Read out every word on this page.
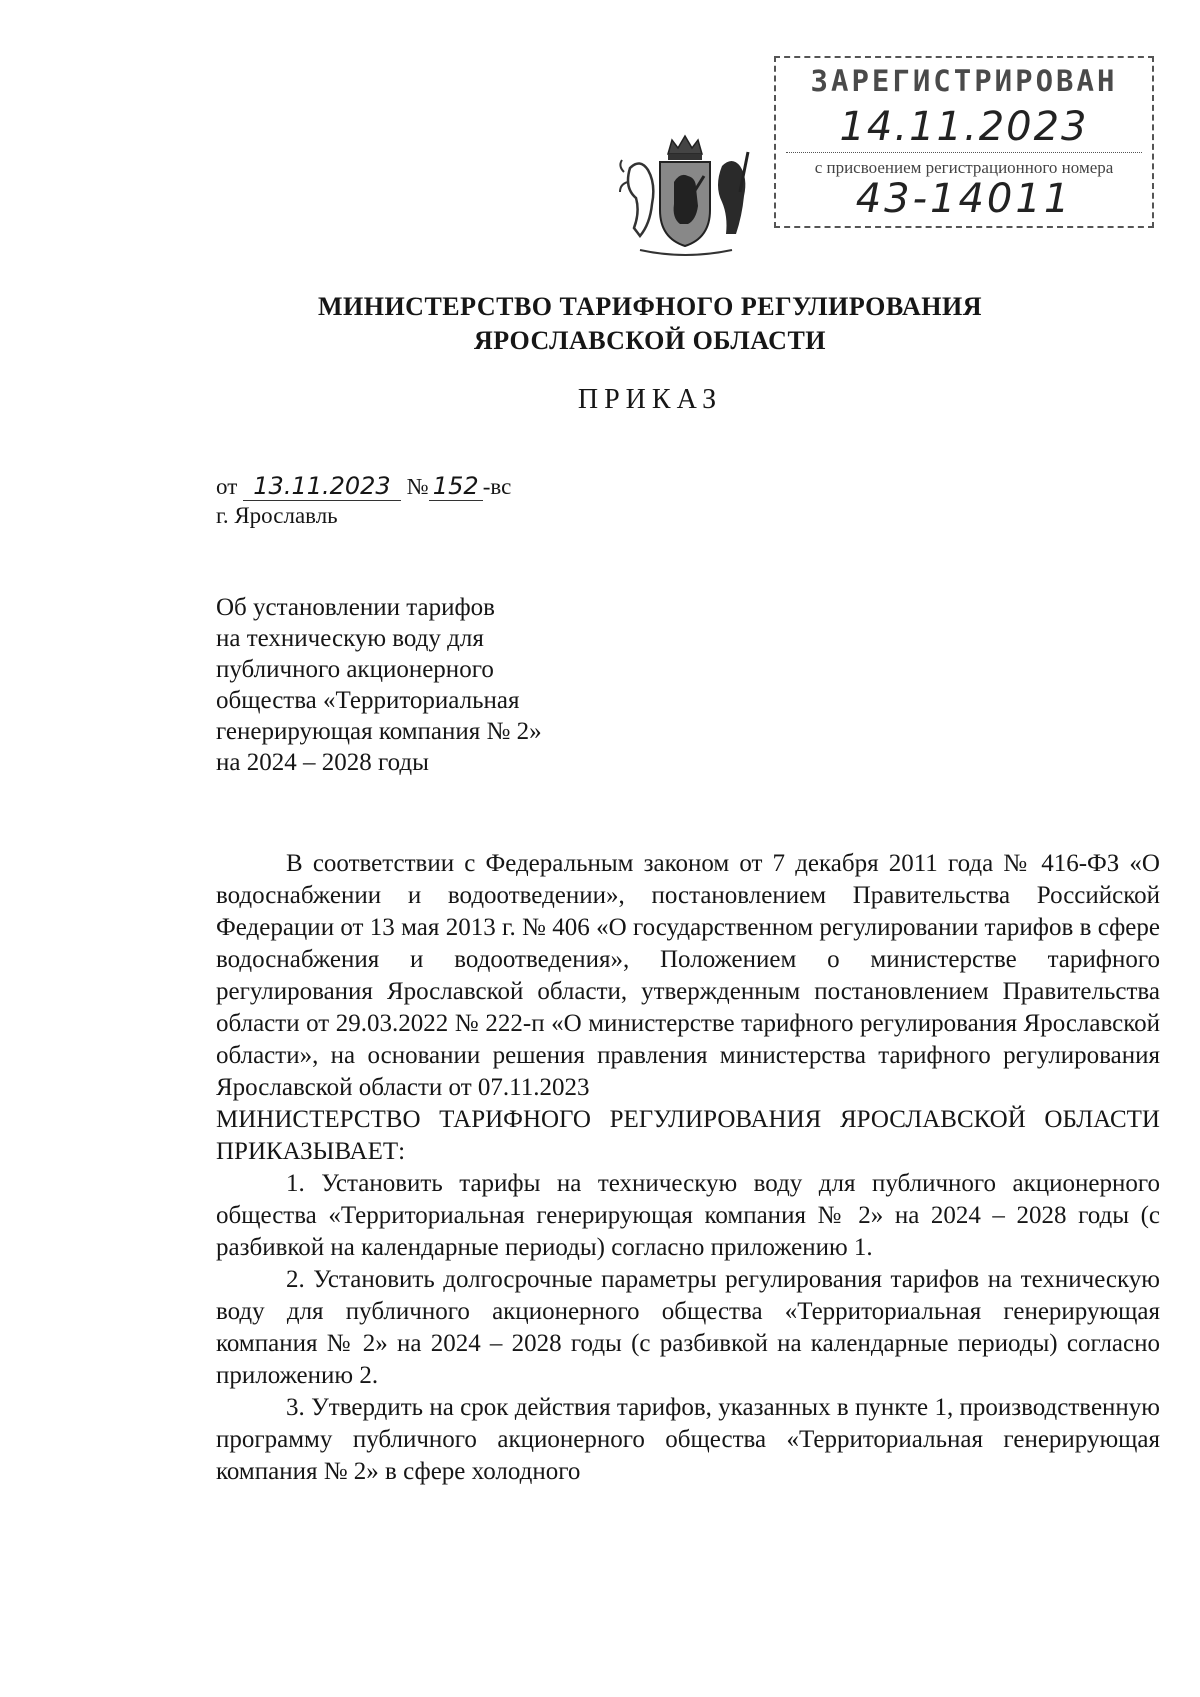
ЗАРЕГИСТРИРОВАН
14.11.2023
с присвоением регистрационного номера
43-14011
МИНИСТЕРСТВО ТАРИФНОГО РЕГУЛИРОВАНИЯ
ЯРОСЛАВСКОЙ ОБЛАСТИ
ПРИКАЗ
от 13.11.2023 № 152 -вс
г. Ярославль
Об установлении тарифов
на техническую воду для
публичного акционерного
общества «Территориальная
генерирующая компания № 2»
на 2024 – 2028 годы

В соответствии с Федеральным законом от 7 декабря 2011 года № 416-ФЗ «О водоснабжении и водоотведении», постановлением Правительства Российской Федерации от 13 мая 2013 г. № 406 «О государственном регулировании тарифов в сфере водоснабжения и водоотведения», Положением о министерстве тарифного регулирования Ярославской области, утвержденным постановлением Правительства области от 29.03.2022 № 222-п «О министерстве тарифного регулирования Ярославской области», на основании решения правления министерства тарифного регулирования Ярославской области от 07.11.2023

МИНИСТЕРСТВО ТАРИФНОГО РЕГУЛИРОВАНИЯ ЯРОСЛАВСКОЙ ОБЛАСТИ ПРИКАЗЫВАЕТ:

1. Установить тарифы на техническую воду для публичного акционерного общества «Территориальная генерирующая компания № 2» на 2024 – 2028 годы (с разбивкой на календарные периоды) согласно приложению 1.

2. Установить долгосрочные параметры регулирования тарифов на техническую воду для публичного акционерного общества «Территориальная генерирующая компания № 2» на 2024 – 2028 годы (с разбивкой на календарные периоды) согласно приложению 2.

3. Утвердить на срок действия тарифов, указанных в пункте 1, производственную программу публичного акционерного общества «Территориальная генерирующая компания № 2» в сфере холодного
